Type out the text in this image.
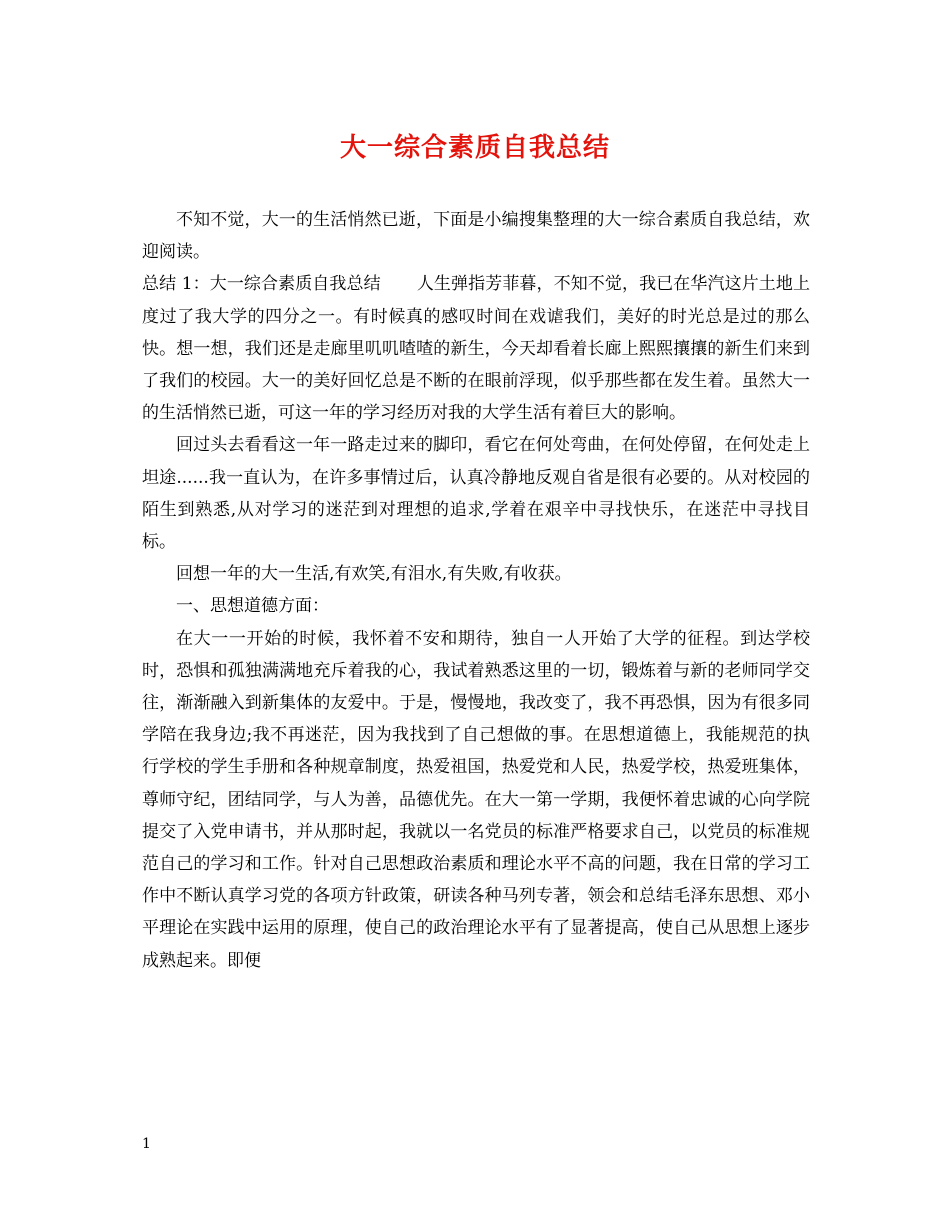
大一综合素质自我总结

不知不觉，大一的生活悄然已逝，下面是小编搜集整理的大一综合素质自我总结，欢迎阅读。

总结 1：大一综合素质自我总结 人生弹指芳菲暮，不知不觉，我已在华汽这片土地上度过了我大学的四分之一。有时候真的感叹时间在戏谑我们，美好的时光总是过的那么快。想一想，我们还是走廊里叽叽喳喳的新生，今天却看着长廊上熙熙攘攘的新生们来到了我们的校园。大一的美好回忆总是不断的在眼前浮现，似乎那些都在发生着。虽然大一的生活悄然已逝，可这一年的学习经历对我的大学生活有着巨大的影响。

回过头去看看这一年一路走过来的脚印，看它在何处弯曲，在何处停留，在何处走上坦途......我一直认为，在许多事情过后，认真冷静地反观自省是很有必要的。从对校园的陌生到熟悉,从对学习的迷茫到对理想的追求,学着在艰辛中寻找快乐，在迷茫中寻找目标。

回想一年的大一生活,有欢笑,有泪水,有失败,有收获。

一、思想道德方面：

在大一一开始的时候，我怀着不安和期待，独自一人开始了大学的征程。到达学校时，恐惧和孤独满满地充斥着我的心，我试着熟悉这里的一切，锻炼着与新的老师同学交往，渐渐融入到新集体的友爱中。于是，慢慢地，我改变了，我不再恐惧，因为有很多同学陪在我身边;我不再迷茫，因为我找到了自己想做的事。在思想道德上，我能规范的执行学校的学生手册和各种规章制度，热爱祖国，热爱党和人民，热爱学校，热爱班集体，尊师守纪，团结同学，与人为善，品德优先。在大一第一学期，我便怀着忠诚的心向学院提交了入党申请书，并从那时起，我就以一名党员的标准严格要求自己，以党员的标准规范自己的学习和工作。针对自己思想政治素质和理论水平不高的问题，我在日常的学习工作中不断认真学习党的各项方针政策，研读各种马列专著，领会和总结毛泽东思想、邓小平理论在实践中运用的原理，使自己的政治理论水平有了显著提高，使自己从思想上逐步成熟起来。即便

1
